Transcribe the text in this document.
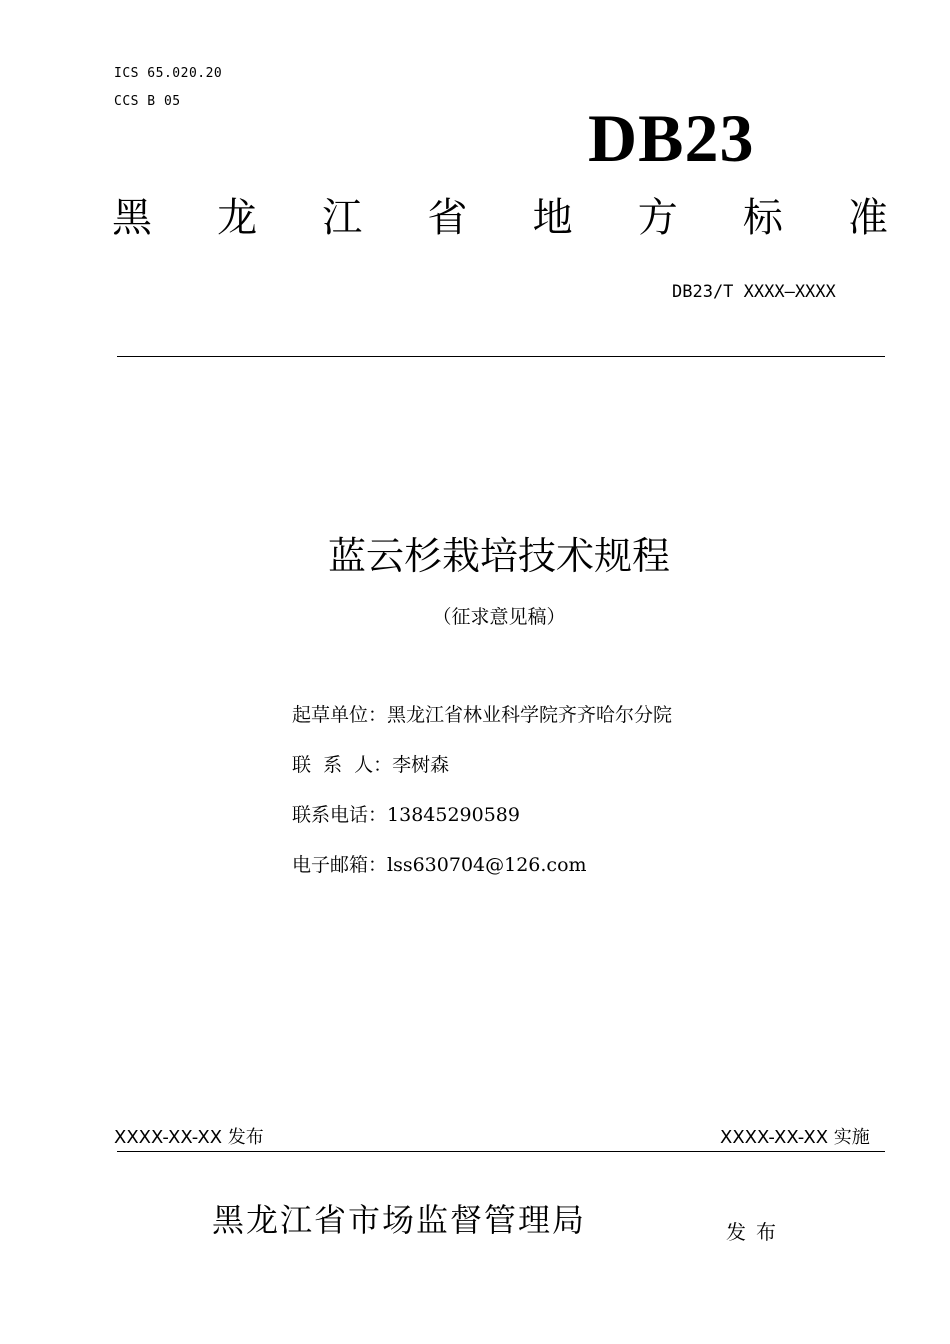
ICS 65.020.20
CCS B 05	DB23
黑 龙 江 省 地 方 标 准
DB23/T XXXX—XXXX
蓝云杉栽培技术规程
（征求意见稿）
起草单位：黑龙江省林业科学院齐齐哈尔分院
联  系  人：李树森
联系电话：13845290589
电子邮箱：lss630704@126.com
XXXX-XX-XX 发布	XXXX-XX-XX 实施
黑龙江省市场监督管理局	发布
